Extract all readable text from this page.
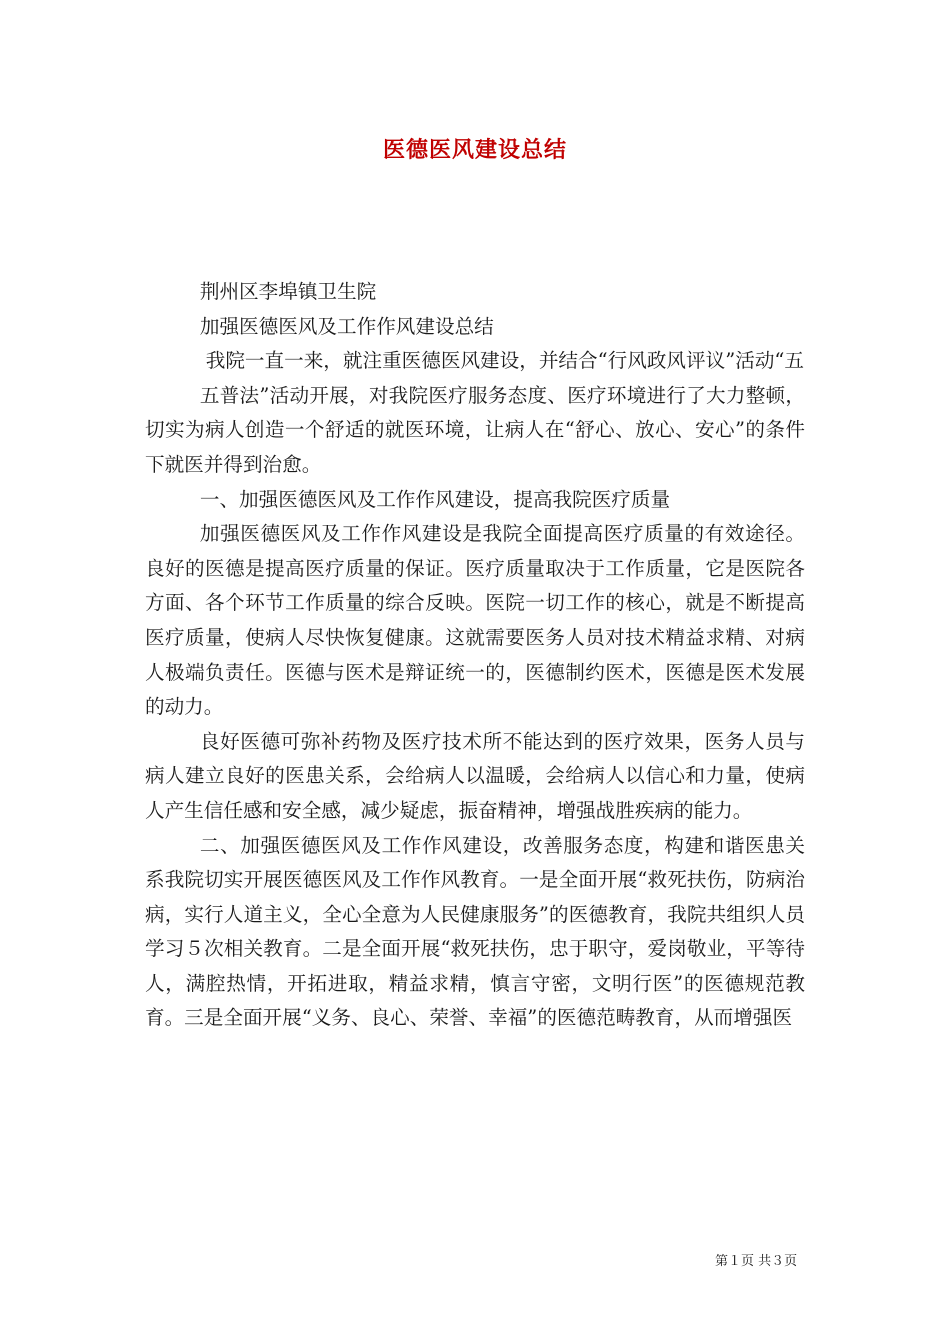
医德医风建设总结

荆州区李埠镇卫生院

加强医德医风及工作作风建设总结

我院一直一来，就注重医德医风建设，并结合“行风政风评议”活动“五

五普法”活动开展，对我院医疗服务态度、医疗环境进行了大力整顿，切实为病人创造一个舒适的就医环境，让病人在“舒心、放心、安心”的条件下就医并得到治愈。

一、加强医德医风及工作作风建设，提高我院医疗质量

加强医德医风及工作作风建设是我院全面提高医疗质量的有效途径。良好的医德是提高医疗质量的保证。医疗质量取决于工作质量，它是医院各方面、各个环节工作质量的综合反映。医院一切工作的核心，就是不断提高医疗质量，使病人尽快恢复健康。这就需要医务人员对技术精益求精、对病人极端负责任。医德与医术是辩证统一的，医德制约医术，医德是医术发展的动力。

良好医德可弥补药物及医疗技术所不能达到的医疗效果，医务人员与病人建立良好的医患关系，会给病人以温暖，会给病人以信心和力量，使病人产生信任感和安全感，减少疑虑，振奋精神，增强战胜疾病的能力。

二、加强医德医风及工作作风建设，改善服务态度，构建和谐医患关系我院切实开展医德医风及工作作风教育。一是全面开展“救死扶伤，防病治病，实行人道主义，全心全意为人民健康服务”的医德教育，我院共组织人员学习５次相关教育。二是全面开展“救死扶伤，忠于职守，爱岗敬业，平等待人，满腔热情，开拓进取，精益求精，慎言守密，文明行医”的医德规范教育。三是全面开展“义务、良心、荣誉、幸福”的医德范畴教育，从而增强医

第１页 共３页
